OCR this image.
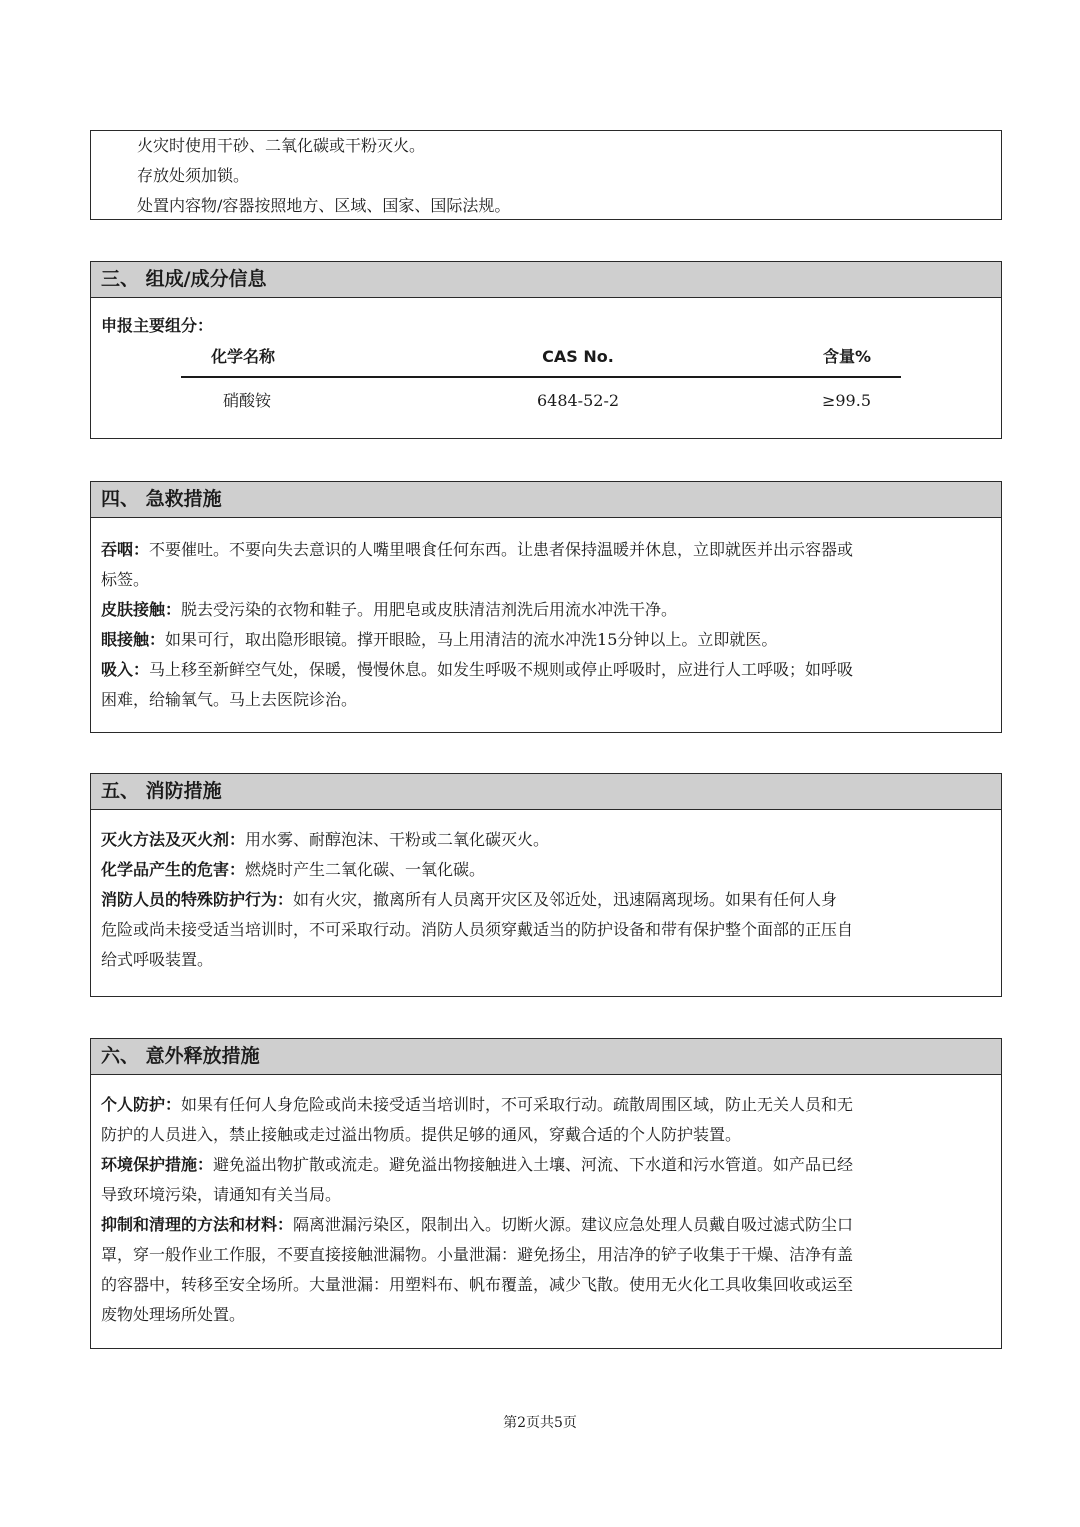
火灾时使用干砂、二氧化碳或干粉灭火。
存放处须加锁。
处置内容物/容器按照地方、区域、国家、国际法规。
三、 组成/成分信息
申报主要组分：
化学名称	CAS No.	含量%
硝酸铵	6484-52-2	≥99.5
四、 急救措施
吞咽：不要催吐。不要向失去意识的人嘴里喂食任何东西。让患者保持温暖并休息，立即就医并出示容器或
标签。
皮肤接触：脱去受污染的衣物和鞋子。用肥皂或皮肤清洁剂洗后用流水冲洗干净。
眼接触：如果可行，取出隐形眼镜。撑开眼睑，马上用清洁的流水冲洗15分钟以上。立即就医。
吸入：马上移至新鲜空气处，保暖，慢慢休息。如发生呼吸不规则或停止呼吸时，应进行人工呼吸；如呼吸
困难，给输氧气。马上去医院诊治。
五、 消防措施
灭火方法及灭火剂：用水雾、耐醇泡沫、干粉或二氧化碳灭火。
化学品产生的危害：燃烧时产生二氧化碳、一氧化碳。
消防人员的特殊防护行为：如有火灾，撤离所有人员离开灾区及邻近处，迅速隔离现场。如果有任何人身
危险或尚未接受适当培训时，不可采取行动。消防人员须穿戴适当的防护设备和带有保护整个面部的正压自
给式呼吸装置。
六、 意外释放措施
个人防护：如果有任何人身危险或尚未接受适当培训时，不可采取行动。疏散周围区域，防止无关人员和无
防护的人员进入，禁止接触或走过溢出物质。提供足够的通风，穿戴合适的个人防护装置。
环境保护措施：避免溢出物扩散或流走。避免溢出物接触进入土壤、河流、下水道和污水管道。如产品已经
导致环境污染，请通知有关当局。
抑制和清理的方法和材料：隔离泄漏污染区，限制出入。切断火源。建议应急处理人员戴自吸过滤式防尘口
罩，穿一般作业工作服，不要直接接触泄漏物。小量泄漏：避免扬尘，用洁净的铲子收集于干燥、洁净有盖
的容器中，转移至安全场所。大量泄漏：用塑料布、帆布覆盖，减少飞散。使用无火化工具收集回收或运至
废物处理场所处置。
第2页共5页
